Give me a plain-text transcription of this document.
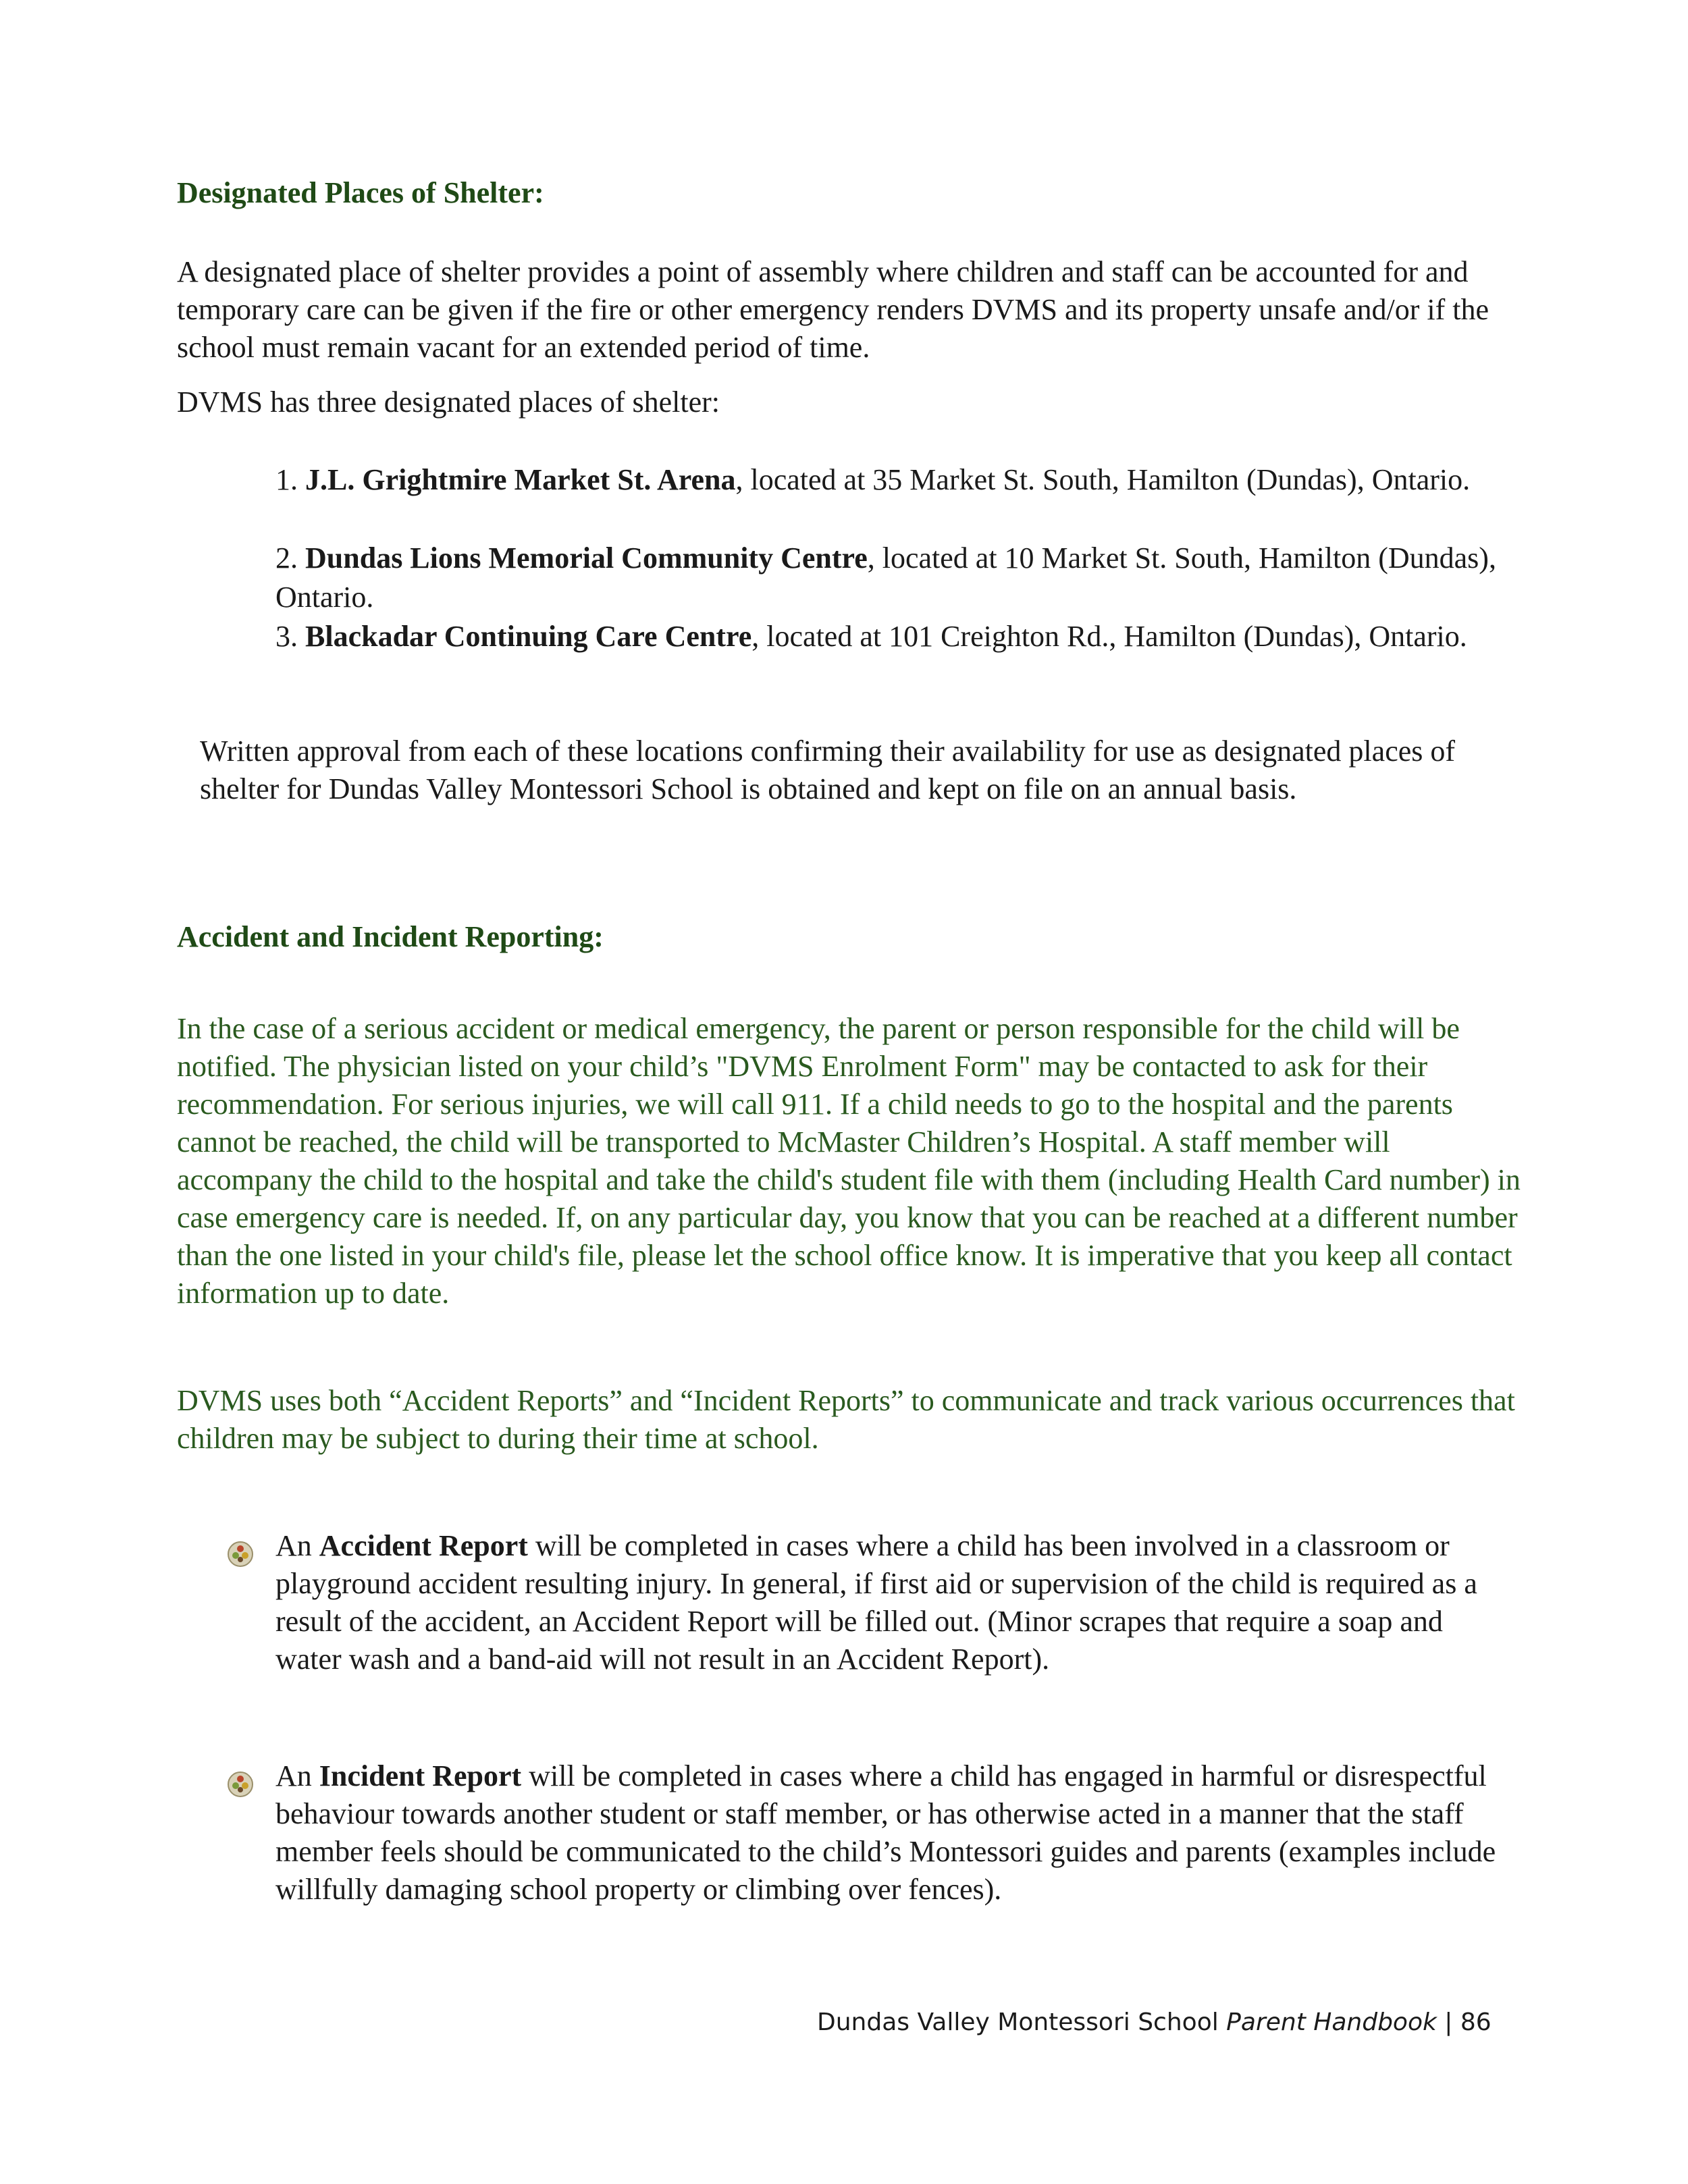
Designated Places of Shelter:

A designated place of shelter provides a point of assembly where children and staff can be accounted for and temporary care can be given if the fire or other emergency renders DVMS and its property unsafe and/or if the school must remain vacant for an extended period of time.

DVMS has three designated places of shelter:

1. J.L. Grightmire Market St. Arena, located at 35 Market St. South, Hamilton (Dundas), Ontario.
2. Dundas Lions Memorial Community Centre, located at 10 Market St. South, Hamilton (Dundas), Ontario.
3. Blackadar Continuing Care Centre, located at 101 Creighton Rd., Hamilton (Dundas), Ontario.

Written approval from each of these locations confirming their availability for use as designated places of shelter for Dundas Valley Montessori School is obtained and kept on file on an annual basis.

Accident and Incident Reporting:

In the case of a serious accident or medical emergency, the parent or person responsible for the child will be notified. The physician listed on your child’s "DVMS Enrolment Form" may be contacted to ask for their recommendation. For serious injuries, we will call 911. If a child needs to go to the hospital and the parents cannot be reached, the child will be transported to McMaster Children’s Hospital. A staff member will accompany the child to the hospital and take the child's student file with them (including Health Card number) in case emergency care is needed. If, on any particular day, you know that you can be reached at a different number than the one listed in your child's file, please let the school office know. It is imperative that you keep all contact information up to date.

DVMS uses both “Accident Reports” and “Incident Reports” to communicate and track various occurrences that children may be subject to during their time at school.

An Accident Report will be completed in cases where a child has been involved in a classroom or playground accident resulting injury. In general, if first aid or supervision of the child is required as a result of the accident, an Accident Report will be filled out. (Minor scrapes that require a soap and water wash and a band-aid will not result in an Accident Report).
An Incident Report will be completed in cases where a child has engaged in harmful or disrespectful behaviour towards another student or staff member, or has otherwise acted in a manner that the staff member feels should be communicated to the child’s Montessori guides and parents (examples include willfully damaging school property or climbing over fences).
Dundas Valley Montessori School Parent Handbook | 86
